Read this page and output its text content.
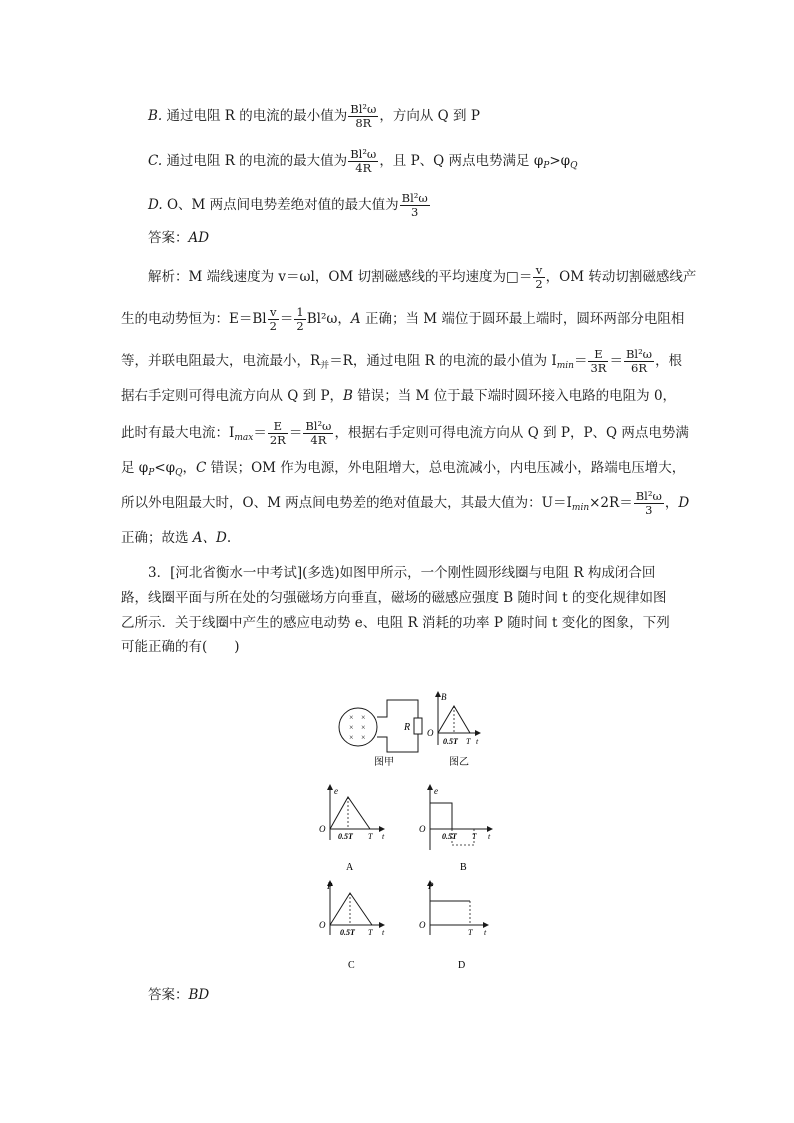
B. 通过电阻 R 的电流的最小值为 $\frac{\text{Bl²ω}}{8R}$ ，方向从 Q 到 P
C. 通过电阻 R 的电流的最大值为 $\frac{\text{Bl²ω}}{4R}$ ，且 P、Q 两点电势满足 $\varphi_P>\varphi_Q$
D. O、M 两点间电势差绝对值的最大值为 $\frac{\text{Bl²ω}}{3}$
答案：AD
解析：M 端线速度为 v＝ωl，OM 切割磁感线的平均速度为□＝ $\frac{v}{2}$ ，OM 转动切割磁感线产
生的电动势恒为：$E=Bl \frac{v}{2} = \frac{1}{2} Bl^2\omega$，A 正确；当 M 端位于圆环最上端时，圆环两部分电阻相
等，并联电阻最大，电流最小，$R_并=R$，通过电阻 R 的电流的最小值为 $I_{min}= \frac{E}{3R} = \frac{\text{Bl²ω}}{6R}$ ，根
据右手定则可得电流方向从 Q 到 P，B 错误；当 M 位于最下端时圆环接入电路的电阻为 0，
此时有最大电流：$I_{max}= \frac{E}{2R} = \frac{\text{Bl²ω}}{4R}$ ，根据右手定则可得电流方向从 Q 到 P，P、Q 两点电势满
足 $\varphi_P<\varphi_Q$，C 错误；OM 作为电源，外电阻增大，总电流减小，内电压减小，路端电压增大，
所以外电阻最大时，O、M 两点间电势差的绝对值最大，其最大值为：$U=I_{min}\times 2R= \frac{\text{Bl²ω}}{3}$ ，D
正确；故选 A、D.
3．[河北省衡水一中考试](多选)如图甲所示，一个刚性圆形线圈与电阻 R 构成闭合回
路，线圈平面与所在处的匀强磁场方向垂直，磁场的磁感应强度 B 随时间 t 的变化规律如图
乙所示．关于线圈中产生的感应电动势 e、电阻 R 消耗的功率 P 随时间 t 变化的图象，下列
可能正确的有(　　)
× ×
× ×
× ×
R
图甲
B
O
0.5T T t
图乙
e
O
0.5T T t
A
e
O
0.5T T t
B
P
O
0.5T T t
C
P
O
T t
D
答案：BD
